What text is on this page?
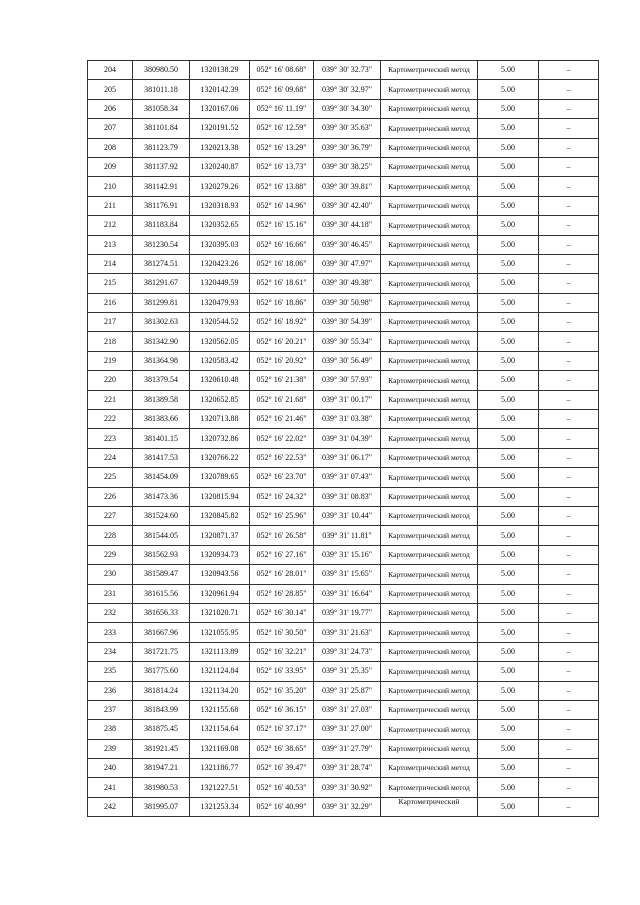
204	380980.50	1320138.29	052° 16' 08.68"	039° 30' 32.73"	Картометрический метод	5.00	–
205	381011.18	1320142.39	052° 16' 09.68"	039° 30' 32.97"	Картометрический метод	5.00	–
206	381058.34	1320167.06	052° 16' 11.19"	039° 30' 34.30"	Картометрический метод	5.00	–
207	381101.84	1320191.52	052° 16' 12.59"	039° 30' 35.63"	Картометрический метод	5.00	–
208	381123.79	1320213.38	052° 16' 13.29"	039° 30' 36.79"	Картометрический метод	5.00	–
209	381137.92	1320240.87	052° 16' 13.73"	039° 30' 38.25"	Картометрический метод	5.00	–
210	381142.91	1320279.26	052° 16' 13.88"	039° 30' 39.81"	Картометрический метод	5.00	–
211	381176.91	1320318.93	052° 16' 14.96"	039° 30' 42.40"	Картометрический метод	5.00	–
212	381183.84	1320352.65	052° 16' 15.16"	039° 30' 44.18"	Картометрический метод	5.00	–
213	381230.54	1320395.03	052° 16' 16.66"	039° 30' 46.45"	Картометрический метод	5.00	–
214	381274.51	1320423.26	052° 16' 18.06"	039° 30' 47.97"	Картометрический метод	5.00	–
215	381291.67	1320449.59	052° 16' 18.61"	039° 30' 49.38"	Картометрический метод	5.00	–
216	381299.81	1320479.93	052° 16' 18.86"	039° 30' 50.98"	Картометрический метод	5.00	–
217	381302.63	1320544.52	052° 16' 18.92"	039° 30' 54.39"	Картометрический метод	5.00	–
218	381342.90	1320562.05	052° 16' 20.21"	039° 30' 55.34"	Картометрический метод	5.00	–
219	381364.98	1320583.42	052° 16' 20.92"	039° 30' 56.49"	Картометрический метод	5.00	–
220	381379.54	1320610.48	052° 16' 21.38"	039° 30' 57.93"	Картометрический метод	5.00	–
221	381389.58	1320652.85	052° 16' 21.68"	039° 31' 00.17"	Картометрический метод	5.00	–
222	381383.66	1320713.88	052° 16' 21.46"	039° 31' 03.38"	Картометрический метод	5.00	–
223	381401.15	1320732.86	052° 16' 22.02"	039° 31' 04.39"	Картометрический метод	5.00	–
224	381417.53	1320766.22	052° 16' 22.53"	039° 31' 06.17"	Картометрический метод	5.00	–
225	381454.09	1320789.65	052° 16' 23.70"	039° 31' 07.43"	Картометрический метод	5.00	–
226	381473.36	1320815.94	052° 16' 24.32"	039° 31' 08.83"	Картометрический метод	5.00	–
227	381524.60	1320845.82	052° 16' 25.96"	039° 31' 10.44"	Картометрический метод	5.00	–
228	381544.05	1320871.37	052° 16' 26.58"	039° 31' 11.81"	Картометрический метод	5.00	–
229	381562.93	1320934.73	052° 16' 27.16"	039° 31' 15.16"	Картометрический метод	5.00	–
230	381589.47	1320943.56	052° 16' 28.01"	039° 31' 15.65"	Картометрический метод	5.00	–
231	381615.56	1320961.94	052° 16' 28.85"	039° 31' 16.64"	Картометрический метод	5.00	–
232	381656.33	1321020.71	052° 16' 30.14"	039° 31' 19.77"	Картометрический метод	5.00	–
233	381667.96	1321055.95	052° 16' 30.50"	039° 31' 21.63"	Картометрический метод	5.00	–
234	381721.75	1321113.89	052° 16' 32.21"	039° 31' 24.73"	Картометрический метод	5.00	–
235	381775.60	1321124.84	052° 16' 33.95"	039° 31' 25.35"	Картометрический метод	5.00	–
236	381814.24	1321134.20	052° 16' 35.20"	039° 31' 25.87"	Картометрический метод	5.00	–
237	381843.99	1321155.68	052° 16' 36.15"	039° 31' 27.03"	Картометрический метод	5.00	–
238	381875.45	1321154.64	052° 16' 37.17"	039° 31' 27.00"	Картометрический метод	5.00	–
239	381921.45	1321169.08	052° 16' 38.65"	039° 31' 27.79"	Картометрический метод	5.00	–
240	381947.21	1321186.77	052° 16' 39.47"	039° 31' 28.74"	Картометрический метод	5.00	–
241	381980.53	1321227.51	052° 16' 40.53"	039° 31' 30.92"	Картометрический метод	5.00	–
242	381995.07	1321253.34	052° 16' 40.99"	039° 31' 32.29"	Картометрический	5.00	–
